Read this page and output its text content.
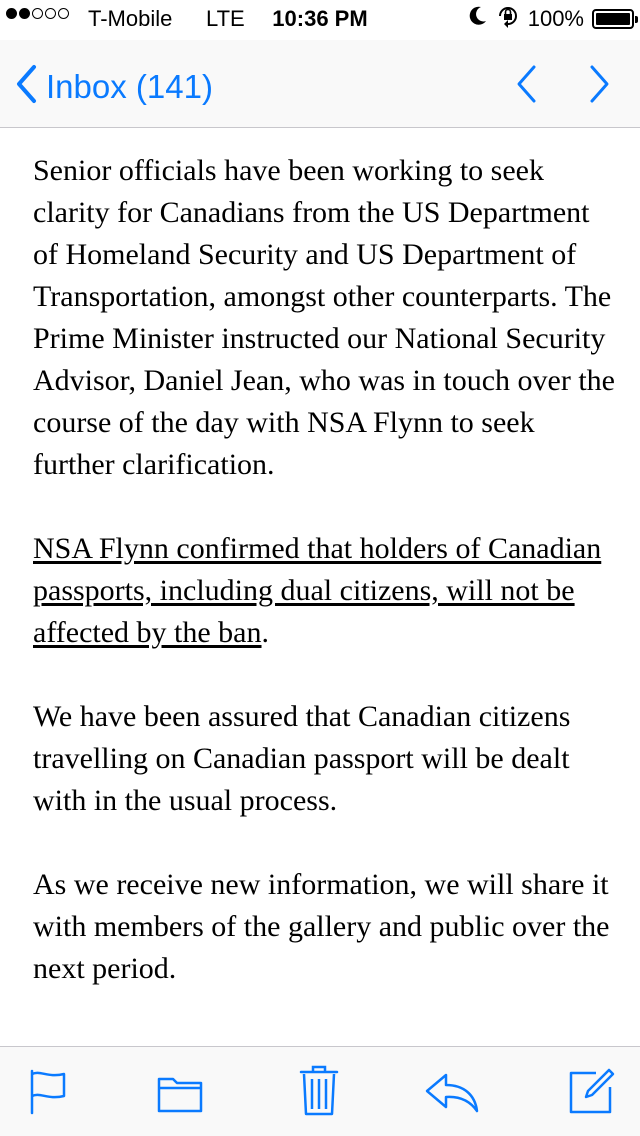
T-Mobile LTE	10:36 PM	100%
Inbox (141)

Senior officials have been working to seek clarity for Canadians from the US Department of Homeland Security and US Department of Transportation, amongst other counterparts. The Prime Minister instructed our National Security Advisor, Daniel Jean, who was in touch over the course of the day with NSA Flynn to seek further clarification.

NSA Flynn confirmed that holders of Canadian passports, including dual citizens, will not be affected by the ban.

We have been assured that Canadian citizens travelling on Canadian passport will be dealt with in the usual process.

As we receive new information, we will share it with members of the gallery and public over the next period.
